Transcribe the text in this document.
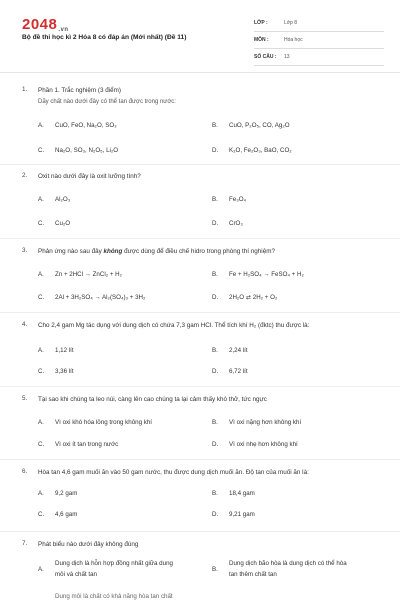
2048.vn
Bộ đề thi học kì 2 Hóa 8 có đáp án (Mới nhất) (Đề 11)
LỚP :	Lớp 8
MÔN :	Hóa học
SỐ CÂU : 13
1. Phần 1. Trắc nghiệm (3 điểm)
Dãy chất nào dưới đây có thể tan được trong nước:
A.	CuO, FeO, Na₂O, SO₃	B.	CuO, P₂O₅, CO, Ag₂O
C.	Na₂O, SO₃, N₂O₅, Li₂O	D.	K₂O, Fe₂O₃, BaO, CO₂
2. Oxit nào dưới đây là oxit lưỡng tính?
A.	Al₂O₃	B.	Fe₃O₄
C.	Cu₂O	D.	CrO₃
3. Phản ứng nào sau đây không được dùng để điều chế hidro trong phòng thí nghiệm?
A.	Zn + 2HCl → ZnCl₂ + H₂	B.	Fe + H₂SO₄ → FeSO₄ + H₂
C.	2Al + 3H₂SO₄ → Al₂(SO₄)₃ + 3H₂	D.	2H₂O ⇄ 2H₂ + O₂
4. Cho 2,4 gam Mg tác dụng với dung dịch có chứa 7,3 gam HCl. Thể tích khí H₂ (đktc) thu được là:
A.	1,12 lít	B.	2,24 lít
C.	3,36 lít	D.	6,72 lít
5. Tại sao khi chúng ta leo núi, càng lên cao chúng ta lại cảm thấy khó thở, tức ngực
A.	Vì oxi khó hóa lỏng trong không khí	B.	Vì oxi nặng hơn không khí
C.	Vì oxi ít tan trong nước	D.	Vì oxi nhẹ hơn không khí
6. Hòa tan 4,6 gam muối ăn vào 50 gam nước, thu được dung dịch muối ăn. Độ tan của muối ăn là:
A.	9,2 gam	B.	18,4 gam
C.	4,6 gam	D.	9,21 gam
7. Phát biểu nào dưới đây không đúng
A.
Dung dịch là hỗn hợp đồng nhất giữa dung
môi và chất tan
B.
Dung dịch bão hòa là dung dịch có thể hòa
tan thêm chất tan
Dung môi là chất có khả năng hòa tan chất
